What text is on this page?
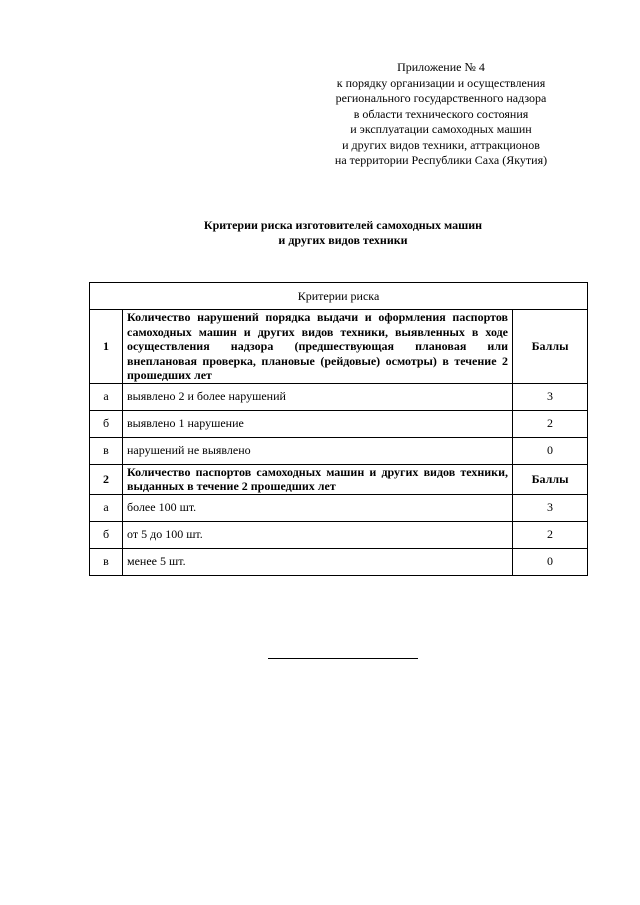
Приложение № 4
к порядку организации и осуществления
регионального государственного надзора
в области технического состояния
и эксплуатации самоходных машин
и других видов техники, аттракционов
на территории Республики Саха (Якутия)
Критерии риска изготовителей самоходных машин
и других видов техники
Критерии риска		
1	Количество нарушений порядка выдачи и оформления паспортов самоходных машин и других видов техники, выявленных в ходе осуществления надзора (предшествующая плановая или внеплановая проверка, плановые (рейдовые) осмотры) в течение 2 прошедших лет	Баллы
а	выявлено 2 и более нарушений	3
б	выявлено 1 нарушение	2
в	нарушений не выявлено	0
2	Количество паспортов самоходных машин и других видов техники, выданных в течение 2 прошедших лет	Баллы
а	более 100 шт.	3
б	от 5 до 100 шт.	2
в	менее 5 шт.	0
